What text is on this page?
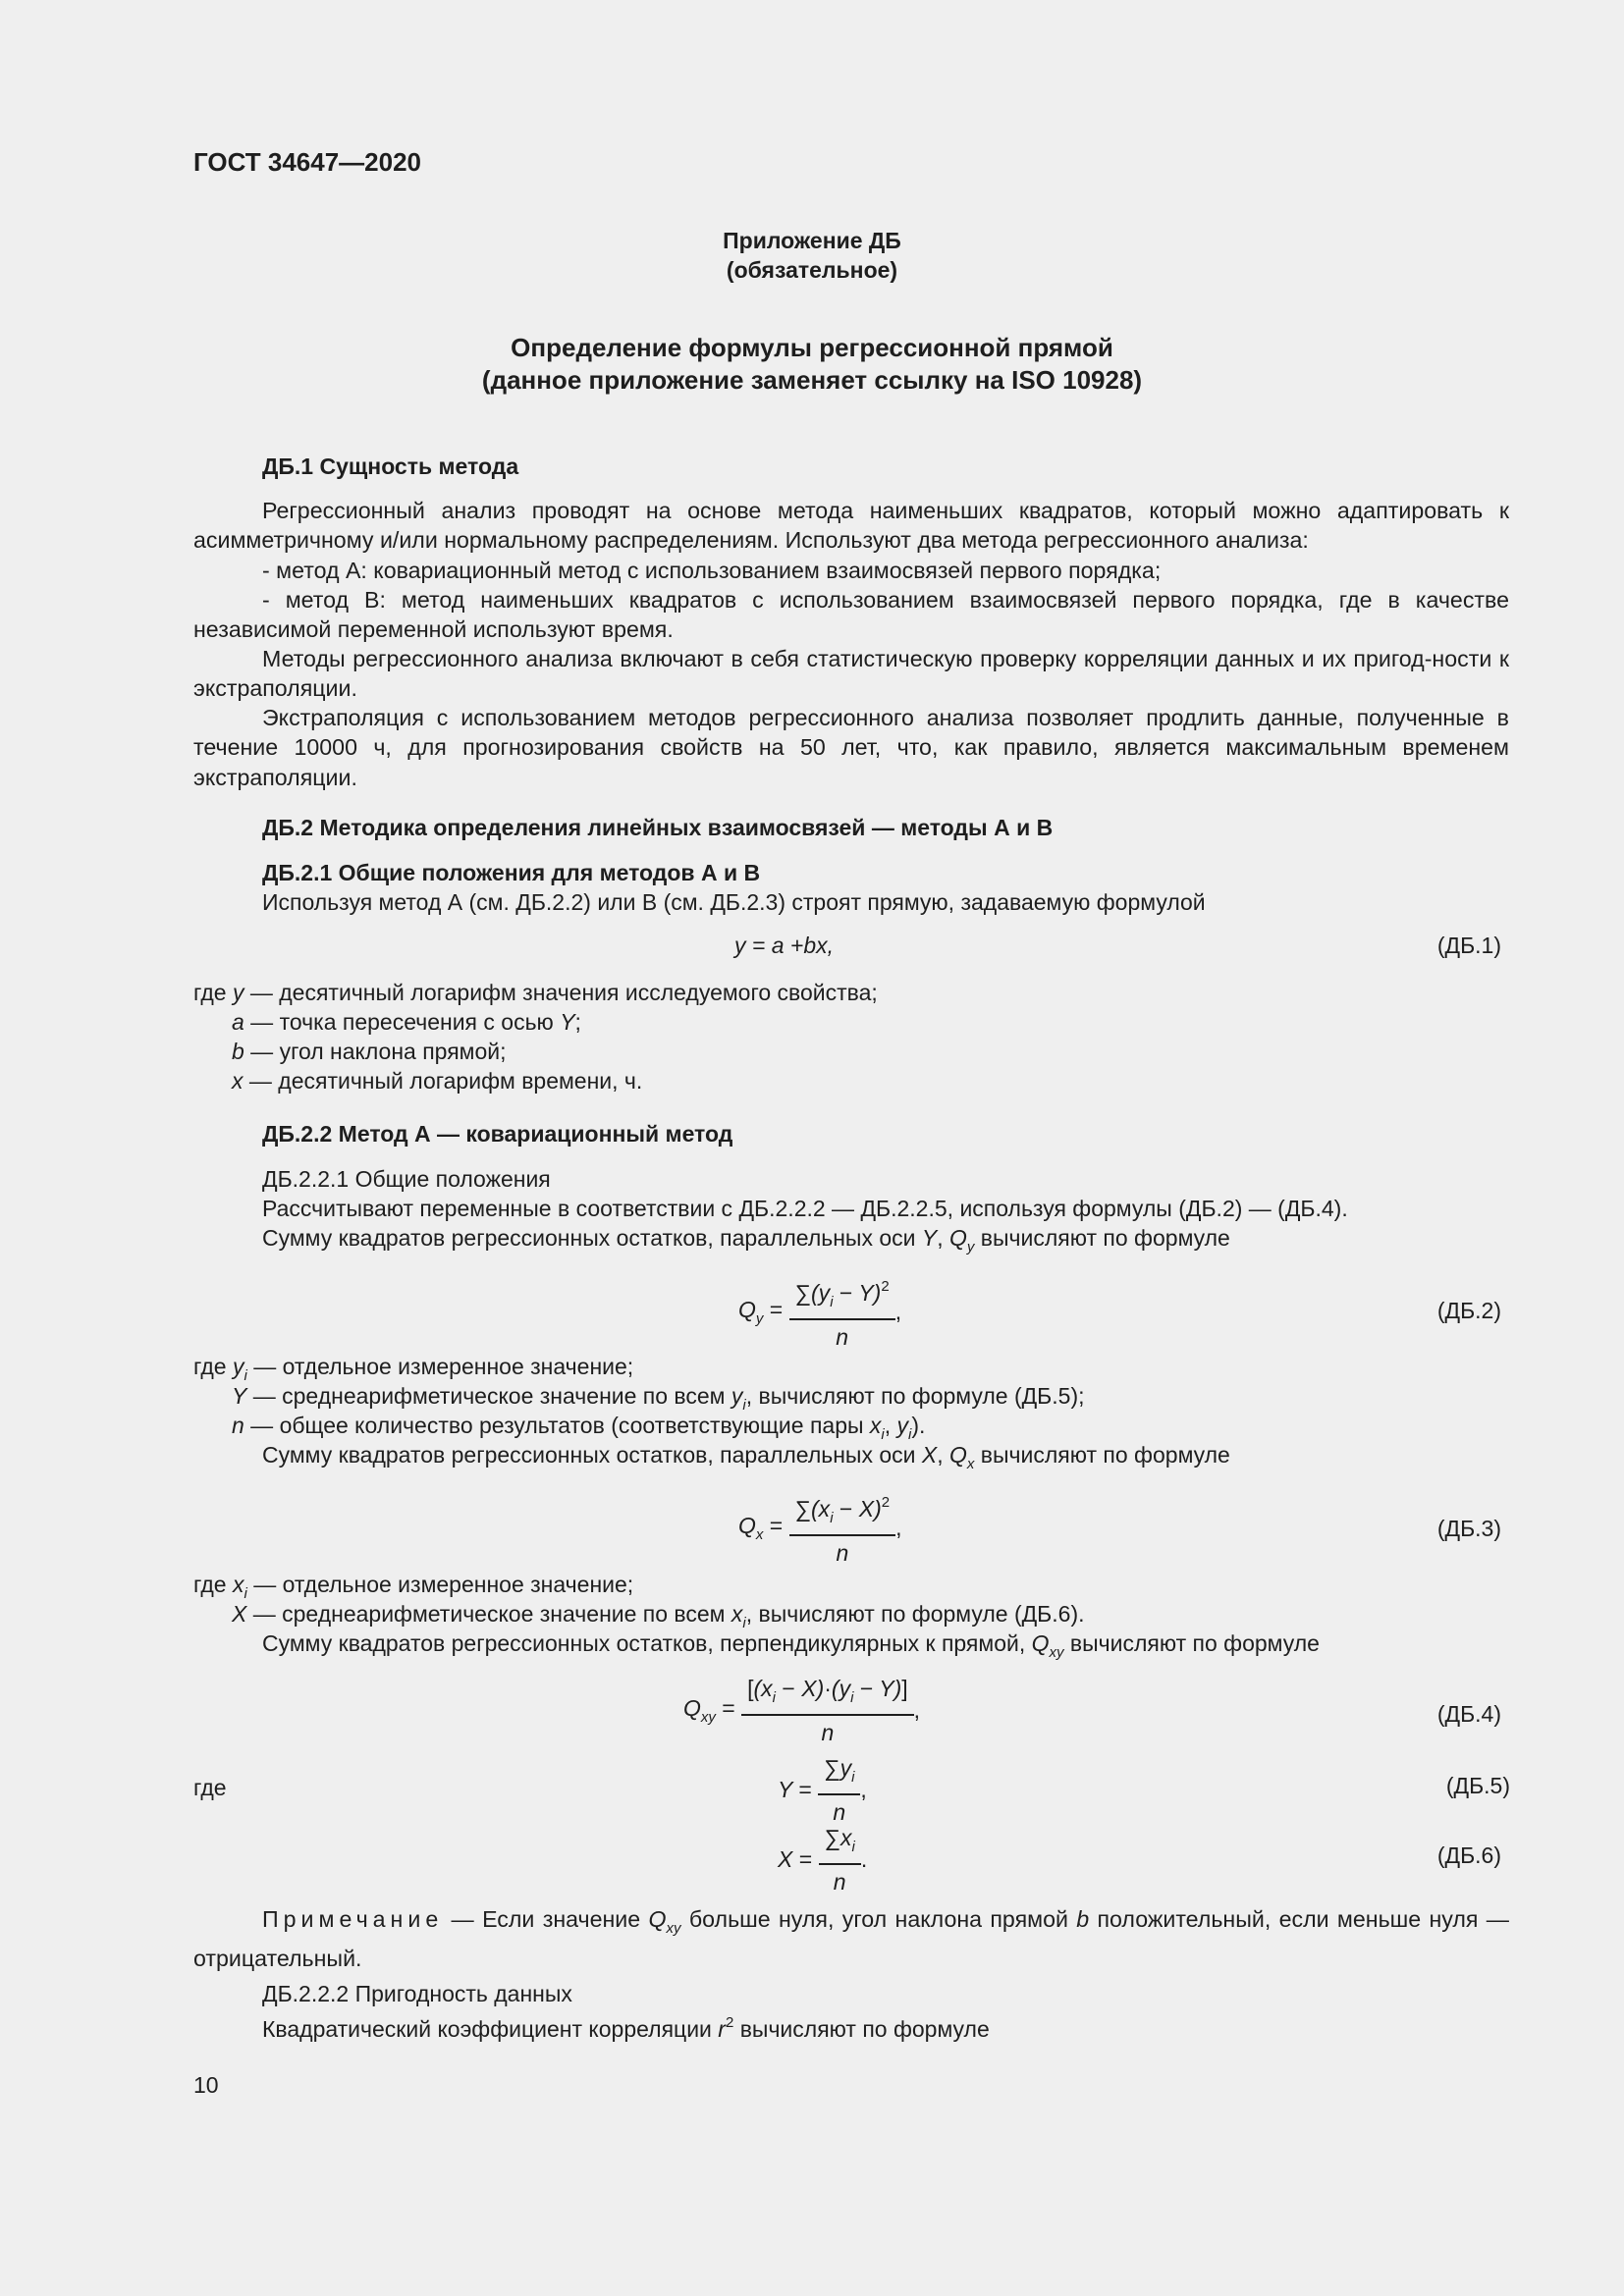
ГОСТ 34647—2020
Приложение ДБ
(обязательное)
Определение формулы регрессионной прямой
(данное приложение заменяет ссылку на ISO 10928)
ДБ.1 Сущность метода
Регрессионный анализ проводят на основе метода наименьших квадратов, который можно адаптировать к асимметричному и/или нормальному распределениям. Используют два метода регрессионного анализа:
- метод А: ковариационный метод с использованием взаимосвязей первого порядка;
- метод В: метод наименьших квадратов с использованием взаимосвязей первого порядка, где в качестве независимой переменной используют время.
Методы регрессионного анализа включают в себя статистическую проверку корреляции данных и их пригод-ности к экстраполяции.
Экстраполяция с использованием методов регрессионного анализа позволяет продлить данные, полученные в течение 10000 ч, для прогнозирования свойств на 50 лет, что, как правило, является максимальным временем экстраполяции.
ДБ.2 Методика определения линейных взаимосвязей — методы А и В
ДБ.2.1 Общие положения для методов А и В
Используя метод А (см. ДБ.2.2) или В (см. ДБ.2.3) строят прямую, задаваемую формулой
y = a +bx,	(ДБ.1)
где y — десятичный логарифм значения исследуемого свойства;
a — точка пересечения с осью Y;
b — угол наклона прямой;
x — десятичный логарифм времени, ч.
ДБ.2.2 Метод А — ковариационный метод
ДБ.2.2.1 Общие положения
Рассчитывают переменные в соответствии с ДБ.2.2.2 — ДБ.2.2.5, используя формулы (ДБ.2) — (ДБ.4).
Сумму квадратов регрессионных остатков, параллельных оси Y, $Q_y$ вычисляют по формуле
$Q_y = \frac{\sum(y_i - Y)^2}{n}$ ,	(ДБ.2)
где $y_i$ — отдельное измеренное значение;
Y — среднеарифметическое значение по всем $y_i$, вычисляют по формуле (ДБ.5);
n — общее количество результатов (соответствующие пары $x_i$, $y_i$).
Сумму квадратов регрессионных остатков, параллельных оси X, $Q_x$ вычисляют по формуле
$Q_x = \frac{\sum(x_i - X)^2}{n}$ ,	(ДБ.3)
где $x_i$ — отдельное измеренное значение;
X — среднеарифметическое значение по всем $x_i$, вычисляют по формуле (ДБ.6).
Сумму квадратов регрессионных остатков, перпендикулярных к прямой, $Q_{xy}$ вычисляют по формуле
$Q_{xy} = \frac{[(x_i - X)\cdot(y_i - Y)]}{n}$ ,	(ДБ.4)
где	$Y = \frac{\sum y_i}{n}$ ,	(ДБ.5)
$X = \frac{\sum x_i}{n}$ .	(ДБ.6)
Примечание — Если значение $Q_{xy}$ больше нуля, угол наклона прямой b положительный, если меньше нуля — отрицательный.
ДБ.2.2.2 Пригодность данных
Квадратический коэффициент корреляции $r^2$ вычисляют по формуле
10
